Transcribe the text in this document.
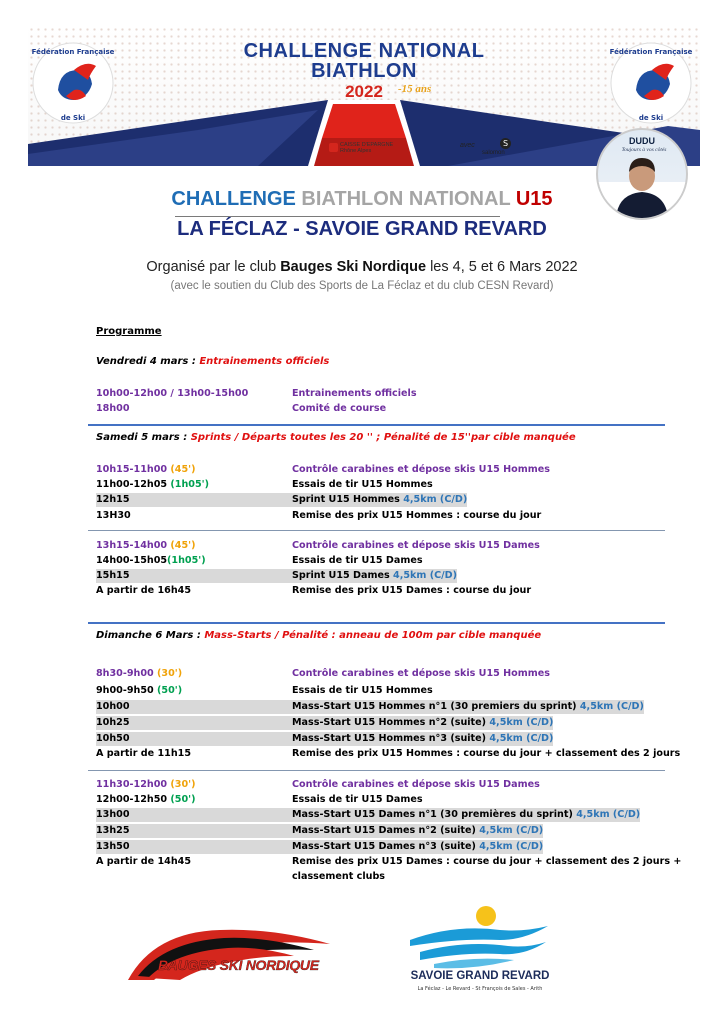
Fédération Française
de Ski
Fédération Française
de Ski
CHALLENGE NATIONAL
BIATHLON
2022	-15 ans
CAISSE D'EPARGNE Rhône Alpes
avec	S
salomon
DUDU
Toujours à vos côtés
CHALLENGE BIATHLON NATIONAL U15
LA FÉCLAZ - SAVOIE GRAND REVARD
Organisé par le club Bauges Ski Nordique les 4, 5 et 6 Mars 2022
(avec le soutien du Club des Sports de La Féclaz et du club CESN Revard)
Programme
Vendredi 4 mars : Entrainements officiels
10h00-12h00 / 13h00-15h00	Entrainements officiels
18h00	Comité de course
Samedi 5 mars : Sprints / Départs toutes les 20 '' ; Pénalité de 15''par cible manquée
10h15-11h00 (45')	Contrôle carabines et dépose skis U15 Hommes
11h00-12h05 (1h05')	Essais de tir U15 Hommes
12h15	Sprint U15 Hommes 4,5km (C/D)
13H30	Remise des prix U15 Hommes : course du jour
13h15-14h00 (45')	Contrôle carabines et dépose skis U15 Dames
14h00-15h05(1h05')	Essais de tir U15 Dames
15h15	Sprint U15 Dames 4,5km (C/D)
A partir de 16h45	Remise des prix U15 Dames : course du jour
Dimanche 6 Mars : Mass-Starts / Pénalité : anneau de 100m par cible manquée
8h30-9h00 (30')	Contrôle carabines et dépose skis U15 Hommes
9h00-9h50 (50')	Essais de tir U15 Hommes
10h00	Mass-Start U15 Hommes n°1 (30 premiers du sprint) 4,5km (C/D)
10h25	Mass-Start U15 Hommes n°2 (suite) 4,5km (C/D)
10h50	Mass-Start U15 Hommes n°3 (suite) 4,5km (C/D)
A partir de 11h15	Remise des prix U15 Hommes : course du jour + classement des 2 jours
11h30-12h00 (30')	Contrôle carabines et dépose skis U15 Dames
12h00-12h50 (50')	Essais de tir U15 Dames
13h00	Mass-Start U15 Dames n°1 (30 premières du sprint) 4,5km (C/D)
13h25	Mass-Start U15 Dames n°2 (suite) 4,5km (C/D)
13h50	Mass-Start U15 Dames n°3 (suite) 4,5km (C/D)
A partir de 14h45	Remise des prix U15 Dames : course du jour + classement des 2 jours +
classement clubs
BAUGES SKI NORDIQUE
SAVOIE GRAND REVARD
La Féclaz - Le Revard - St François de Sales - Arith
